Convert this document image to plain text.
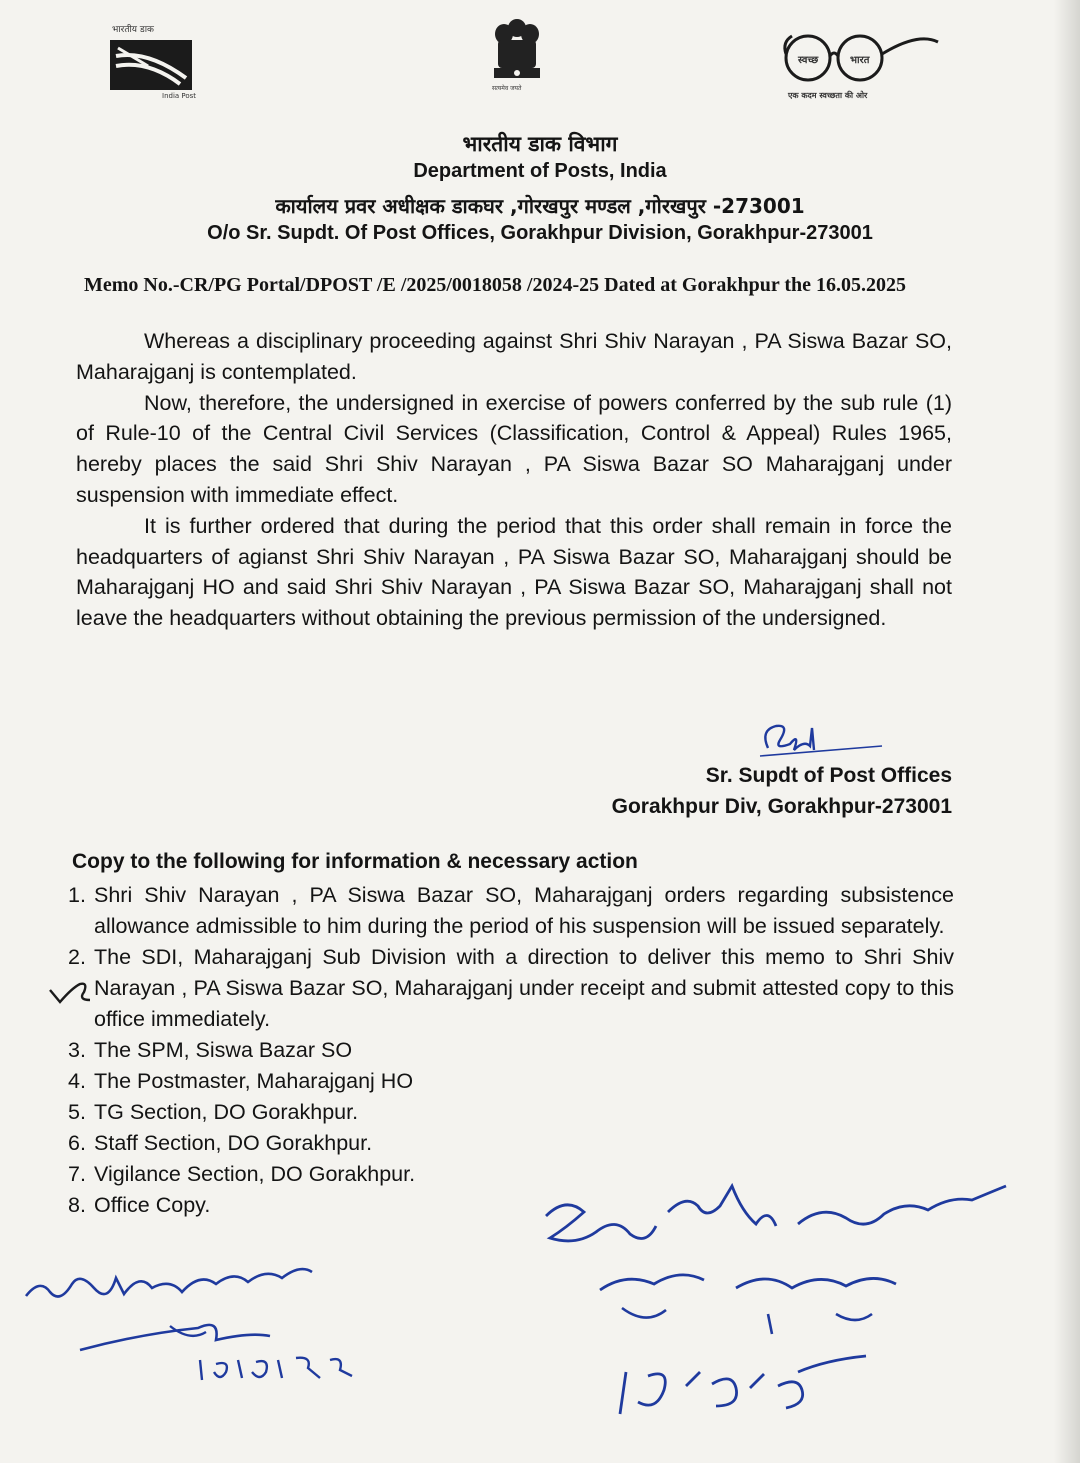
भारतीय डाक
India Post
सत्यमेव जयते
स्वच्छ	भारत
एक कदम स्वच्छता की ओर
भारतीय डाक विभाग
Department of Posts, India
कार्यालय प्रवर अधीक्षक डाकघर ,गोरखपुर मण्डल ,गोरखपुर -273001
O/o Sr. Supdt. Of Post Offices, Gorakhpur Division, Gorakhpur-273001
Memo No.-CR/PG Portal/DPOST /E /2025/0018058 /2024-25 Dated at Gorakhpur the 16.05.2025

Whereas a disciplinary proceeding against Shri Shiv Narayan , PA Siswa Bazar SO, Maharajganj is contemplated.

Now, therefore, the undersigned in exercise of powers conferred by the sub rule (1) of Rule-10 of the Central Civil Services (Classification, Control & Appeal) Rules 1965, hereby places the said Shri Shiv Narayan , PA Siswa Bazar SO Maharajganj under suspension with immediate effect.

It is further ordered that during the period that this order shall remain in force the headquarters of agianst Shri Shiv Narayan , PA Siswa Bazar SO, Maharajganj should be Maharajganj HO and said Shri Shiv Narayan , PA Siswa Bazar SO, Maharajganj shall not leave the headquarters without obtaining the previous permission of the undersigned.

Sr. Supdt of Post Offices
Gorakhpur Div, Gorakhpur-273001
Copy to the following for information & necessary action
1. Shri Shiv Narayan , PA Siswa Bazar SO, Maharajganj orders regarding subsistence allowance admissible to him during the period of his suspension will be issued separately.
2. The SDI, Maharajganj Sub Division with a direction to deliver this memo to Shri Shiv Narayan , PA Siswa Bazar SO, Maharajganj under receipt and submit attested copy to this office immediately.
3. The SPM, Siswa Bazar SO
4. The Postmaster, Maharajganj HO
5. TG Section, DO Gorakhpur.
6. Staff Section, DO Gorakhpur.
7. Vigilance Section, DO Gorakhpur.
8. Office Copy.
